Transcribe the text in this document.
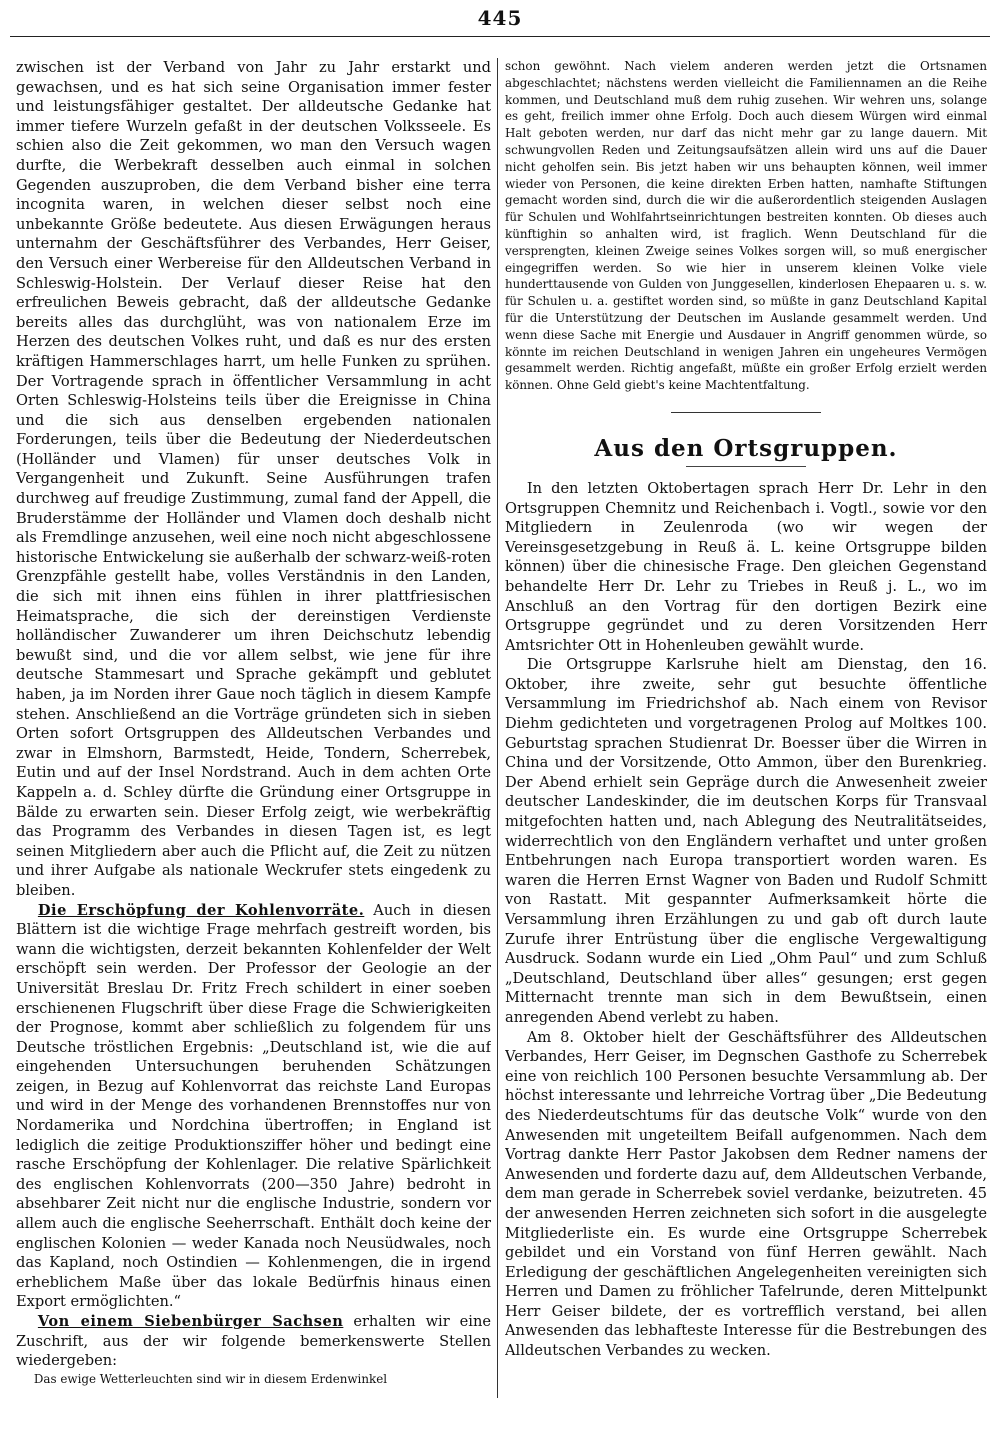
445

zwischen ist der Verband von Jahr zu Jahr erstarkt und gewachsen, und es hat sich seine Organisation immer fester und leistungsfähiger gestaltet. Der alldeutsche Gedanke hat immer tiefere Wurzeln gefaßt in der deutschen Volksseele. Es schien also die Zeit gekommen, wo man den Versuch wagen durfte, die Werbekraft desselben auch einmal in solchen Gegenden auszuproben, die dem Verband bisher eine terra incognita waren, in welchen dieser selbst noch eine unbekannte Größe bedeutete. Aus diesen Erwägungen heraus unternahm der Geschäftsführer des Verbandes, Herr Geiser, den Versuch einer Werbereise für den Alldeutschen Verband in Schleswig-Holstein. Der Verlauf dieser Reise hat den erfreulichen Beweis gebracht, daß der alldeutsche Gedanke bereits alles das durchglüht, was von nationalem Erze im Herzen des deutschen Volkes ruht, und daß es nur des ersten kräftigen Hammerschlages harrt, um helle Funken zu sprühen. Der Vortragende sprach in öffentlicher Versammlung in acht Orten Schleswig-Holsteins teils über die Ereignisse in China und die sich aus denselben ergebenden nationalen Forderungen, teils über die Bedeutung der Niederdeutschen (Holländer und Vlamen) für unser deutsches Volk in Vergangenheit und Zukunft. Seine Ausführungen trafen durchweg auf freudige Zustimmung, zumal fand der Appell, die Bruderstämme der Holländer und Vlamen doch deshalb nicht als Fremdlinge anzusehen, weil eine noch nicht abgeschlossene historische Entwickelung sie außerhalb der schwarz-weiß-roten Grenzpfähle gestellt habe, volles Verständnis in den Landen, die sich mit ihnen eins fühlen in ihrer plattfriesischen Heimatsprache, die sich der dereinstigen Verdienste holländischer Zuwanderer um ihren Deichschutz lebendig bewußt sind, und die vor allem selbst, wie jene für ihre deutsche Stammesart und Sprache gekämpft und geblutet haben, ja im Norden ihrer Gaue noch täglich in diesem Kampfe stehen. Anschließend an die Vorträge gründeten sich in sieben Orten sofort Ortsgruppen des Alldeutschen Verbandes und zwar in Elmshorn, Barmstedt, Heide, Tondern, Scherrebek, Eutin und auf der Insel Nordstrand. Auch in dem achten Orte Kappeln a. d. Schley dürfte die Gründung einer Ortsgruppe in Bälde zu erwarten sein. Dieser Erfolg zeigt, wie werbekräftig das Programm des Verbandes in diesen Tagen ist, es legt seinen Mitgliedern aber auch die Pflicht auf, die Zeit zu nützen und ihrer Aufgabe als nationale Weckrufer stets eingedenk zu bleiben.

Die Erschöpfung der Kohlenvorräte. Auch in diesen Blättern ist die wichtige Frage mehrfach gestreift worden, bis wann die wichtigsten, derzeit bekannten Kohlenfelder der Welt erschöpft sein werden. Der Professor der Geologie an der Universität Breslau Dr. Fritz Frech schildert in einer soeben erschienenen Flugschrift über diese Frage die Schwierigkeiten der Prognose, kommt aber schließlich zu folgendem für uns Deutsche tröstlichen Ergebnis: „Deutschland ist, wie die auf eingehenden Untersuchungen beruhenden Schätzungen zeigen, in Bezug auf Kohlenvorrat das reichste Land Europas und wird in der Menge des vorhandenen Brennstoffes nur von Nordamerika und Nordchina übertroffen; in England ist lediglich die zeitige Produktionsziffer höher und bedingt eine rasche Erschöpfung der Kohlenlager. Die relative Spärlichkeit des englischen Kohlenvorrats (200—350 Jahre) bedroht in absehbarer Zeit nicht nur die englische Industrie, sondern vor allem auch die englische Seeherrschaft. Enthält doch keine der englischen Kolonien — weder Kanada noch Neusüdwales, noch das Kapland, noch Ostindien — Kohlenmengen, die in irgend erheblichem Maße über das lokale Bedürfnis hinaus einen Export ermöglichten.“

Von einem Siebenbürger Sachsen erhalten wir eine Zuschrift, aus der wir folgende bemerkenswerte Stellen wiedergeben:

Das ewige Wetterleuchten sind wir in diesem Erdenwinkel

schon gewöhnt. Nach vielem anderen werden jetzt die Ortsnamen abgeschlachtet; nächstens werden vielleicht die Familiennamen an die Reihe kommen, und Deutschland muß dem ruhig zusehen. Wir wehren uns, solange es geht, freilich immer ohne Erfolg. Doch auch diesem Würgen wird einmal Halt geboten werden, nur darf das nicht mehr gar zu lange dauern. Mit schwungvollen Reden und Zeitungsaufsätzen allein wird uns auf die Dauer nicht geholfen sein. Bis jetzt haben wir uns behaupten können, weil immer wieder von Personen, die keine direkten Erben hatten, namhafte Stiftungen gemacht worden sind, durch die wir die außerordentlich steigenden Auslagen für Schulen und Wohlfahrtseinrichtungen bestreiten konnten. Ob dieses auch künftighin so anhalten wird, ist fraglich. Wenn Deutschland für die versprengten, kleinen Zweige seines Volkes sorgen will, so muß energischer eingegriffen werden. So wie hier in unserem kleinen Volke viele hunderttausende von Gulden von Junggesellen, kinderlosen Ehepaaren u. s. w. für Schulen u. a. gestiftet worden sind, so müßte in ganz Deutschland Kapital für die Unterstützung der Deutschen im Auslande gesammelt werden. Und wenn diese Sache mit Energie und Ausdauer in Angriff genommen würde, so könnte im reichen Deutschland in wenigen Jahren ein ungeheures Vermögen gesammelt werden. Richtig angefaßt, müßte ein großer Erfolg erzielt werden können. Ohne Geld giebt's keine Machtentfaltung.

Aus den Ortsgruppen.

In den letzten Oktobertagen sprach Herr Dr. Lehr in den Ortsgruppen Chemnitz und Reichenbach i. Vogtl., sowie vor den Mitgliedern in Zeulenroda (wo wir wegen der Vereinsgesetzgebung in Reuß ä. L. keine Ortsgruppe bilden können) über die chinesische Frage. Den gleichen Gegenstand behandelte Herr Dr. Lehr zu Triebes in Reuß j. L., wo im Anschluß an den Vortrag für den dortigen Bezirk eine Ortsgruppe gegründet und zu deren Vorsitzenden Herr Amtsrichter Ott in Hohenleuben gewählt wurde.

Die Ortsgruppe Karlsruhe hielt am Dienstag, den 16. Oktober, ihre zweite, sehr gut besuchte öffentliche Versammlung im Friedrichshof ab. Nach einem von Revisor Diehm gedichteten und vorgetragenen Prolog auf Moltkes 100. Geburtstag sprachen Studienrat Dr. Boesser über die Wirren in China und der Vorsitzende, Otto Ammon, über den Burenkrieg. Der Abend erhielt sein Gepräge durch die Anwesenheit zweier deutscher Landeskinder, die im deutschen Korps für Transvaal mitgefochten hatten und, nach Ablegung des Neutralitätseides, widerrechtlich von den Engländern verhaftet und unter großen Entbehrungen nach Europa transportiert worden waren. Es waren die Herren Ernst Wagner von Baden und Rudolf Schmitt von Rastatt. Mit gespannter Aufmerksamkeit hörte die Versammlung ihren Erzählungen zu und gab oft durch laute Zurufe ihrer Entrüstung über die englische Vergewaltigung Ausdruck. Sodann wurde ein Lied „Ohm Paul“ und zum Schluß „Deutschland, Deutschland über alles“ gesungen; erst gegen Mitternacht trennte man sich in dem Bewußtsein, einen anregenden Abend verlebt zu haben.

Am 8. Oktober hielt der Geschäftsführer des Alldeutschen Verbandes, Herr Geiser, im Degnschen Gasthofe zu Scherrebek eine von reichlich 100 Personen besuchte Versammlung ab. Der höchst interessante und lehrreiche Vortrag über „Die Bedeutung des Niederdeutschtums für das deutsche Volk“ wurde von den Anwesenden mit ungeteiltem Beifall aufgenommen. Nach dem Vortrag dankte Herr Pastor Jakobsen dem Redner namens der Anwesenden und forderte dazu auf, dem Alldeutschen Verbande, dem man gerade in Scherrebek soviel verdanke, beizutreten. 45 der anwesenden Herren zeichneten sich sofort in die ausgelegte Mitgliederliste ein. Es wurde eine Ortsgruppe Scherrebek gebildet und ein Vorstand von fünf Herren gewählt. Nach Erledigung der geschäftlichen Angelegenheiten vereinigten sich Herren und Damen zu fröhlicher Tafelrunde, deren Mittelpunkt Herr Geiser bildete, der es vortrefflich verstand, bei allen Anwesenden das lebhafteste Interesse für die Bestrebungen des Alldeutschen Verbandes zu wecken.
